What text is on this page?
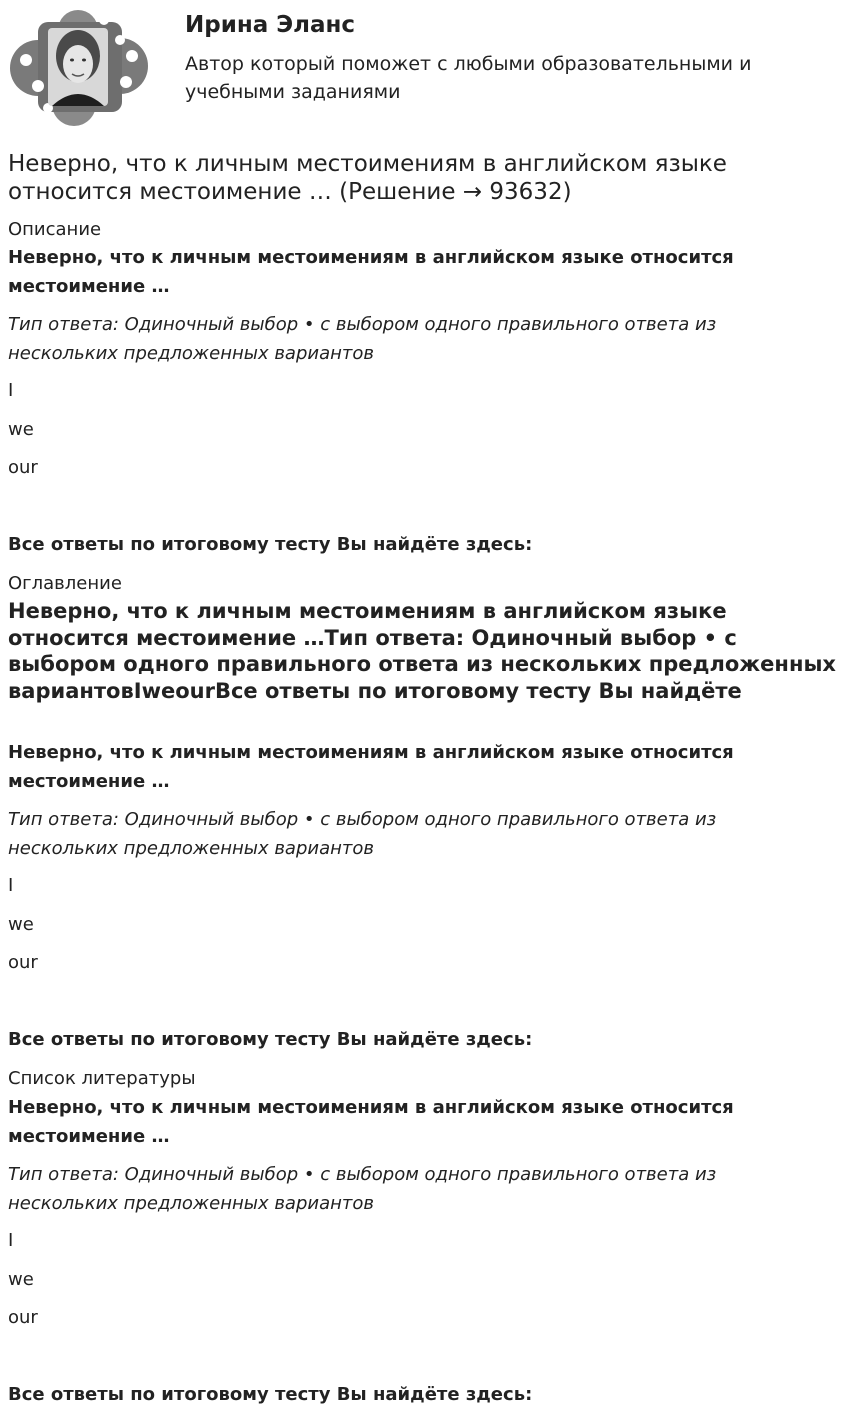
Ирина Эланс
Автор который поможет с любыми образовательными и учебными заданиями
Неверно, что к личным местоимениям в английском языке относится местоимение … (Решение → 93632)
Описание

Неверно, что к личным местоимениям в английском языке относится местоимение …

Тип ответа: Одиночный выбор • с выбором одного правильного ответа из нескольких предложенных вариантов

I
we
our
Все ответы по итоговому тесту Вы найдёте здесь:
Оглавление
Неверно, что к личным местоимениям в английском языке относится местоимение …Тип ответа: Одиночный выбор • с выбором одного правильного ответа из нескольких предложенных вариантовIweourВсе ответы по итоговому тесту Вы найдёте

Неверно, что к личным местоимениям в английском языке относится местоимение …

Тип ответа: Одиночный выбор • с выбором одного правильного ответа из нескольких предложенных вариантов

I
we
our
Все ответы по итоговому тесту Вы найдёте здесь:
Список литературы

Неверно, что к личным местоимениям в английском языке относится местоимение …

Тип ответа: Одиночный выбор • с выбором одного правильного ответа из нескольких предложенных вариантов

I
we
our
Все ответы по итоговому тесту Вы найдёте здесь:
